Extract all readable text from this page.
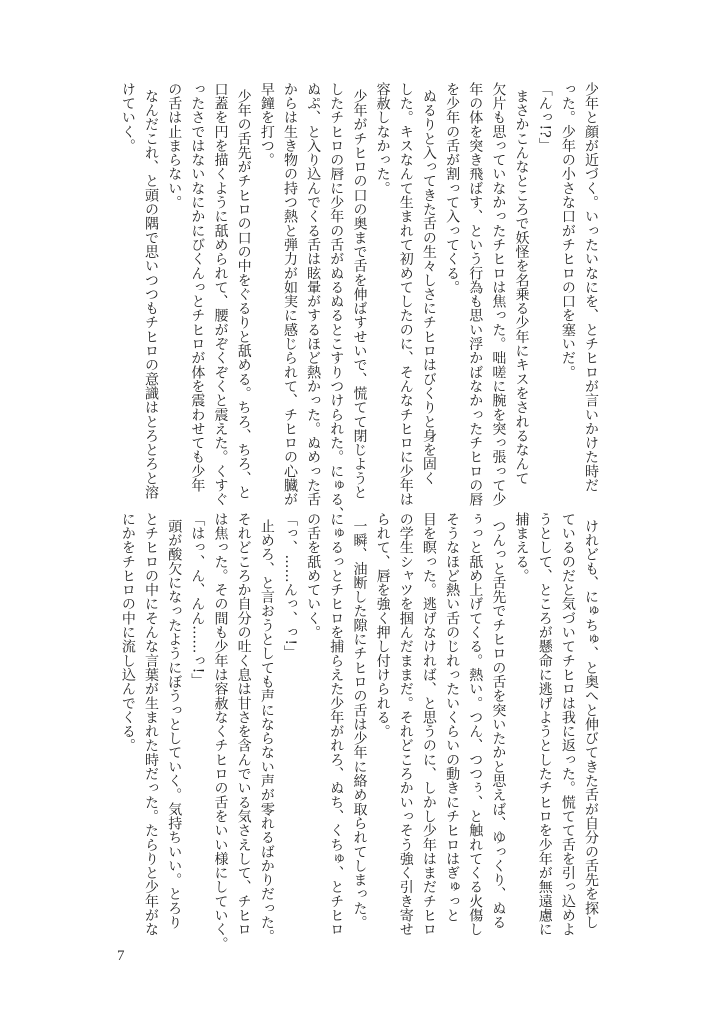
少年と顔が近づく。いったいなにを、とチヒロが言いかけた時だ
った。少年の小さな口がチヒロの口を塞いだ。
「んっ!?」
まさかこんなところで妖怪を名乗る少年にキスをされるなんて
欠片も思っていなかったチヒロは焦った。咄嗟に腕を突っ張って少
年の体を突き飛ばす、という行為も思い浮かばなかったチヒロの唇
を少年の舌が割って入ってくる。
ぬるりと入ってきた舌の生々しさにチヒロはびくりと身を固く
した。キスなんて生まれて初めてしたのに、そんなチヒロに少年は
容赦しなかった。
少年がチヒロの口の奥まで舌を伸ばすせいで、慌てて閉じようと
したチヒロの唇に少年の舌がぬるぬるとこすりつけられた。にゅる、
ぬぷ、と入り込んでくる舌は眩暈がするほど熱かった。ぬめった舌
からは生き物の持つ熱と弾力が如実に感じられて、チヒロの心臓が
早鐘を打つ。
少年の舌先がチヒロの口の中をぐるりと舐める。ちろ、ちろ、と
口蓋を円を描くように舐められて、腰がぞくぞくと震えた。くすぐ
ったさではないなにかにびくんっとチヒロが体を震わせても少年
の舌は止まらない。
なんだこれ、と頭の隅で思いつつもチヒロの意識はとろとろと溶
けていく。
けれども、にゅちゅ、と奥へと伸びてきた舌が自分の舌先を探し
ているのだと気づいてチヒロは我に返った。慌てて舌を引っ込めよ
うとして、ところが懸命に逃げようとしたチヒロを少年が無遠慮に
捕まえる。
つんっと舌先でチヒロの舌を突いたかと思えば、ゆっくり、ぬる
ぅっと舐め上げてくる。熱い。つん、つつぅ、と触れてくる火傷し
そうなほど熱い舌のじれったいくらいの動きにチヒロはぎゅっと
目を瞑った。逃げなければ、と思うのに、しかし少年はまだチヒロ
の学生シャツを掴んだままだ。それどころかいっそう強く引き寄せ
られて、唇を強く押し付けられる。
一瞬、油断した隙にチヒロの舌は少年に絡め取られてしまった。
にゅるっとチヒロを捕らえた少年がれろ、ぬち、くちゅ、とチヒロ
の舌を舐めていく。
「っ、……んっ、っ!」
止めろ、と言おうとしても声にならない声が零れるばかりだった。
それどころか自分の吐く息は甘さを含んでいる気さえして、チヒロ
は焦った。その間も少年は容赦なくチヒロの舌をいい様にしていく。
「はっ、ん、んん……っ!」
頭が酸欠になったようにぼうっとしていく。気持ちいい。とろり
とチヒロの中にそんな言葉が生まれた時だった。たらりと少年がな
にかをチヒロの中に流し込んでくる。
7
